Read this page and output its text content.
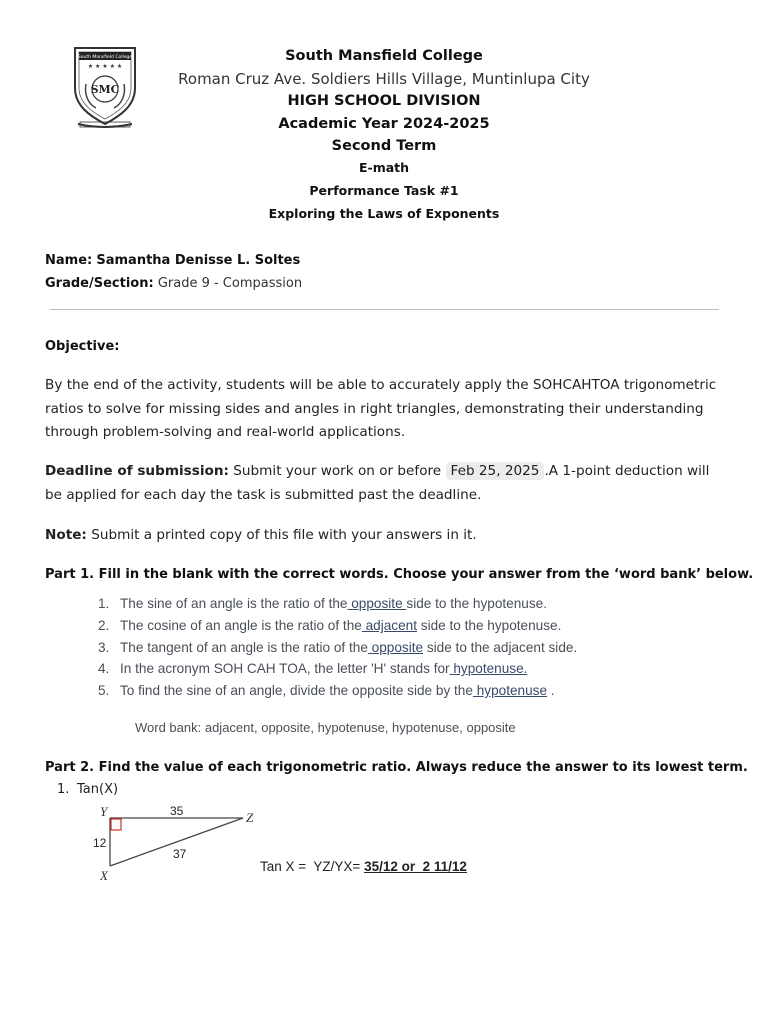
South Mansfield College
★ ★ ★ ★ ★
SMC
South Mansfield College
Roman Cruz Ave. Soldiers Hills Village, Muntinlupa City
HIGH SCHOOL DIVISION
Academic Year 2024-2025
Second Term
E-math
Performance Task #1
Exploring the Laws of Exponents
Name: Samantha Denisse L. Soltes
Grade/Section: Grade 9 - Compassion
Objective:
By the end of the activity, students will be able to accurately apply the SOHCAHTOA trigonometric ratios to solve for missing sides and angles in right triangles, demonstrating their understanding through problem-solving and real-world applications.
Deadline of submission: Submit your work on or before Feb 25, 2025 .A 1-point deduction will be applied for each day the task is submitted past the deadline.
Note: Submit a printed copy of this file with your answers in it.
Part 1. Fill in the blank with the correct words. Choose your answer from the ‘word bank’ below.
1. The sine of an angle is the ratio of the opposite side to the hypotenuse.
2. The cosine of an angle is the ratio of the adjacent side to the hypotenuse.
3. The tangent of an angle is the ratio of the opposite side to the adjacent side.
4. In the acronym SOH CAH TOA, the letter 'H' stands for hypotenuse.
5. To find the sine of an angle, divide the opposite side by the hypotenuse .
Word bank: adjacent, opposite, hypotenuse, hypotenuse, opposite
Part 2. Find the value of each trigonometric ratio. Always reduce the answer to its lowest term.
1. Tan(X)
Y	Z
X
35
12
37
Tan X =  YZ/YX= 35/12 or  2 11/12
